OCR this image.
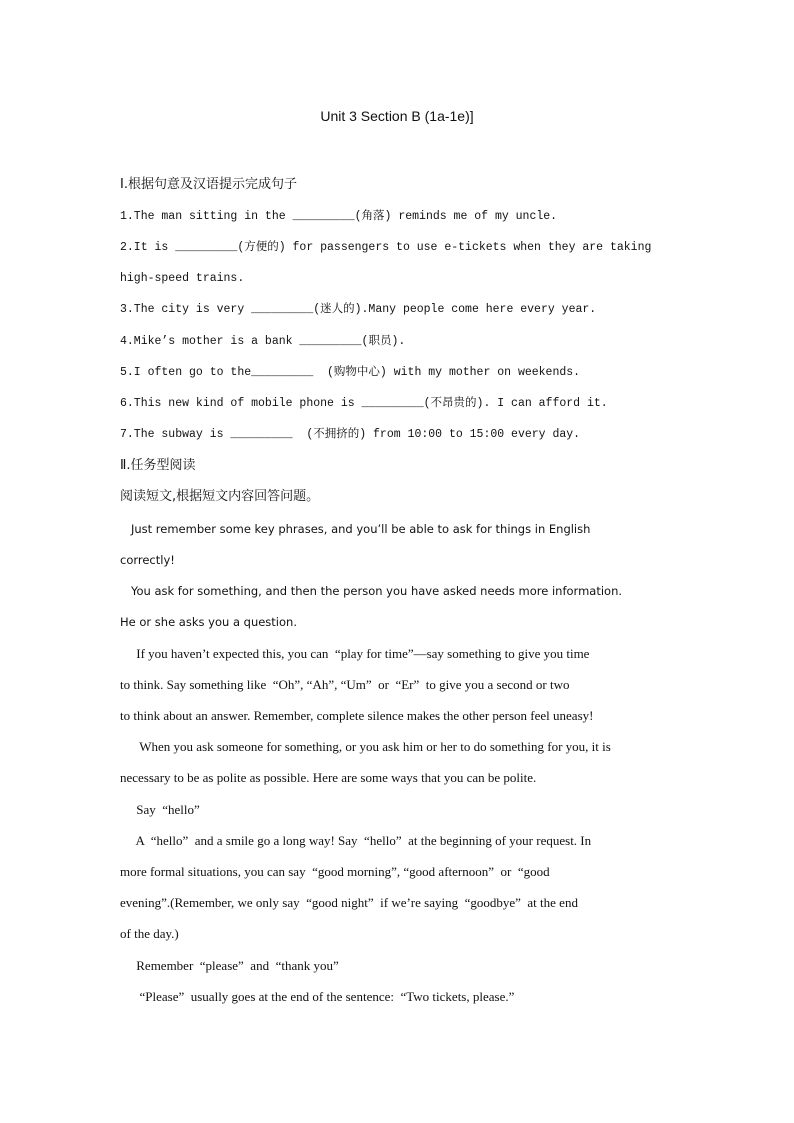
Unit 3 Section B (1a-1e)]
Ⅰ.根据句意及汉语提示完成句子
1.The man sitting in the _________(角落) reminds me of my uncle.
2.It is _________(方便的) for passengers to use e-tickets when they are taking
high-speed trains.
3.The city is very _________(迷人的).Many people come here every year.
4.Mike’s mother is a bank _________(职员).
5.I often go to the_________  (购物中心) with my mother on weekends.
6.This new kind of mobile phone is _________(不昂贵的). I can afford it.
7.The subway is _________  (不拥挤的) from 10:00 to 15:00 every day.
Ⅱ.任务型阅读
阅读短文,根据短文内容回答问题。
Just remember some key phrases, and you’ll be able to ask for things in English
correctly!
You ask for something, and then the person you have asked needs more information.
He or she asks you a question.
If you haven’t expected this, you can  “play for time”—say something to give you time
to think. Say something like  “Oh”, “Ah”, “Um”  or  “Er”  to give you a second or two
to think about an answer. Remember, complete silence makes the other person feel uneasy!
When you ask someone for something, or you ask him or her to do something for you, it is
necessary to be as polite as possible. Here are some ways that you can be polite.
Say  “hello”
A  “hello”  and a smile go a long way! Say  “hello”  at the beginning of your request. In
more formal situations, you can say  “good morning”, “good afternoon”  or  “good
evening”.(Remember, we only say  “good night”  if we’re saying  “goodbye”  at the end
of the day.)
Remember  “please”  and  “thank you”
“Please”  usually goes at the end of the sentence:  “Two tickets, please.”
